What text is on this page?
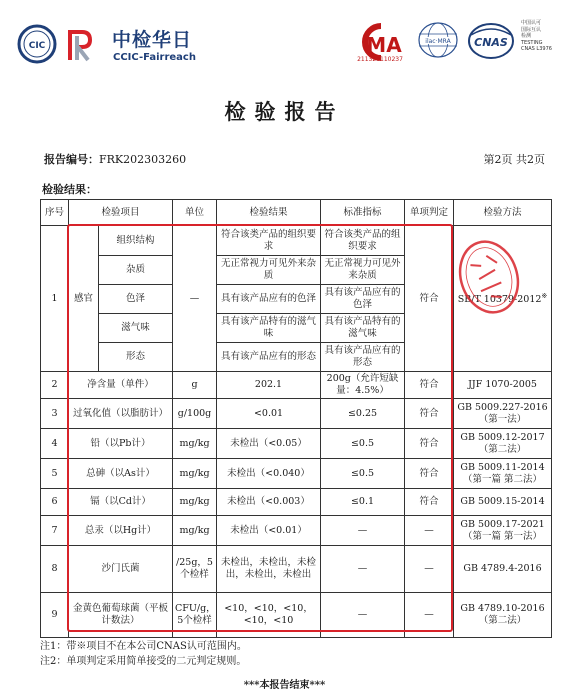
CIC	中检华日
CCIC-Fairreach
MA
211320110237
ilac·MRA CNAS
中国认可
国际互认
检测
TESTING
CNAS L3976
检验报告
报告编号：FRK202303260	第2页 共2页
检验结果：
序号	检验项目		单位	检验结果	标准指标	单项判定	检验方法
1	感官	组织结构	—	符合该类产品的组织要求	符合该类产品的组织要求	符合	SB/T 10379-2012※
		杂质		无正常视力可见外来杂质	无正常视力可见外来杂质		
		色泽		具有该产品应有的色泽	具有该产品应有的色泽		
		滋气味		具有该产品特有的滋气味	具有该产品特有的滋气味		
		形态		具有该产品应有的形态	具有该产品应有的形态		
2	净含量（单件）		g	202.1	200g（允许短缺量：4.5%）	符合	JJF 1070-2005
3	过氧化值（以脂肪计）		g/100g	<0.01	≤0.25	符合	GB 5009.227-2016（第一法）
4	铅（以Pb计）		mg/kg	未检出（<0.05）	≤0.5	符合	GB 5009.12-2017（第二法）
5	总砷（以As计）		mg/kg	未检出（<0.040）	≤0.5	符合	GB 5009.11-2014（第一篇 第二法）
6	镉（以Cd计）		mg/kg	未检出（<0.003）	≤0.1	符合	GB 5009.15-2014
7	总汞（以Hg计）		mg/kg	未检出（<0.01）	—	—	GB 5009.17-2021（第一篇 第一法）
8	沙门氏菌		/25g，5个检样	未检出，未检出，未检出，未检出，未检出	—	—	GB 4789.4-2016
9	金黄色葡萄球菌（平板计数法）		CFU/g，5个检样	<10，<10，<10，<10，<10	—	—	GB 4789.10-2016（第二法）
注1：带※项目不在本公司CNAS认可范围内。
注2：单项判定采用简单接受的二元判定规则。
***本报告结束***
